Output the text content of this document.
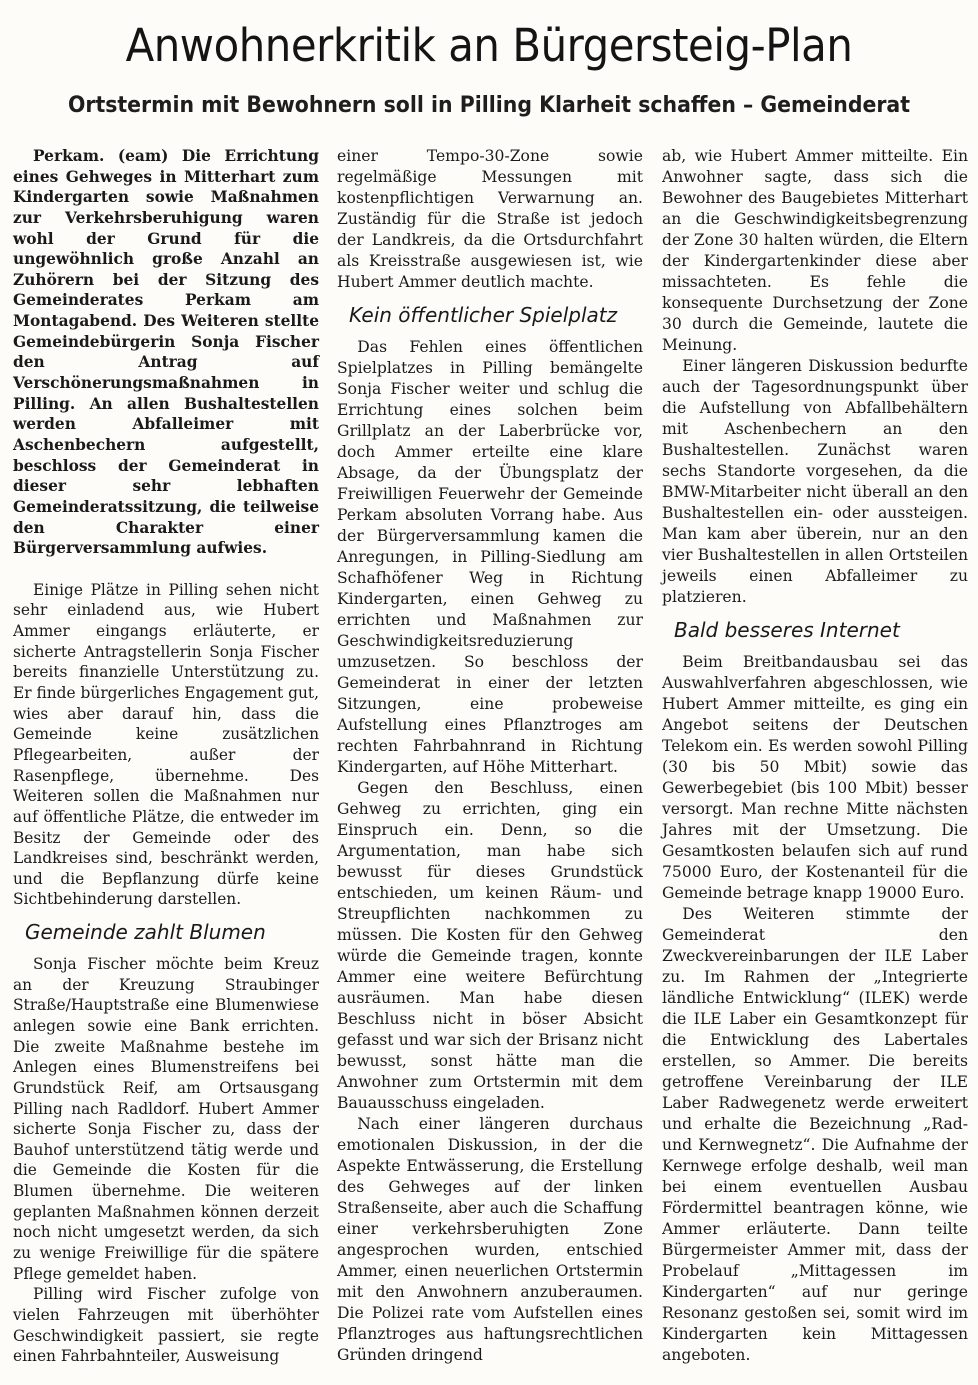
Anwohnerkritik an Bürgersteig-Plan
Ortstermin mit Bewohnern soll in Pilling Klarheit schaffen – Gemeinderat

Perkam. (eam) Die Errichtung eines Gehweges in Mitterhart zum Kindergarten sowie Maßnahmen zur Verkehrsberuhigung waren wohl der Grund für die ungewöhnlich große Anzahl an Zuhörern bei der Sitzung des Gemeinderates Perkam am Montagabend. Des Weiteren stellte Gemeindebürgerin Sonja Fischer den Antrag auf Verschönerungsmaßnahmen in Pilling. An allen Bushaltestellen werden Abfalleimer mit Aschenbechern aufgestellt, beschloss der Gemeinderat in dieser sehr lebhaften Gemeinderatssitzung, die teilweise den Charakter einer Bürgerversammlung aufwies.

Einige Plätze in Pilling sehen nicht sehr einladend aus, wie Hubert Ammer eingangs erläuterte, er sicherte Antragstellerin Sonja Fischer bereits finanzielle Unterstützung zu. Er finde bürgerliches Engagement gut, wies aber darauf hin, dass die Gemeinde keine zusätzlichen Pflegearbeiten, außer der Rasenpflege, übernehme. Des Weiteren sollen die Maßnahmen nur auf öffentliche Plätze, die entweder im Besitz der Gemeinde oder des Landkreises sind, beschränkt werden, und die Bepflanzung dürfe keine Sichtbehinderung darstellen.

Gemeinde zahlt Blumen

Sonja Fischer möchte beim Kreuz an der Kreuzung Straubinger Straße/Hauptstraße eine Blumenwiese anlegen sowie eine Bank errichten. Die zweite Maßnahme bestehe im Anlegen eines Blumenstreifens bei Grundstück Reif, am Ortsausgang Pilling nach Radldorf. Hubert Ammer sicherte Sonja Fischer zu, dass der Bauhof unterstützend tätig werde und die Gemeinde die Kosten für die Blumen übernehme. Die weiteren geplanten Maßnahmen können derzeit noch nicht umgesetzt werden, da sich zu wenige Freiwillige für die spätere Pflege gemeldet haben.

Pilling wird Fischer zufolge von vielen Fahrzeugen mit überhöhter Geschwindigkeit passiert, sie regte einen Fahrbahnteiler, Ausweisung

einer Tempo-30-Zone sowie regelmäßige Messungen mit kostenpflichtigen Verwarnung an. Zuständig für die Straße ist jedoch der Landkreis, da die Ortsdurchfahrt als Kreisstraße ausgewiesen ist, wie Hubert Ammer deutlich machte.

Kein öffentlicher Spielplatz

Das Fehlen eines öffentlichen Spielplatzes in Pilling bemängelte Sonja Fischer weiter und schlug die Errichtung eines solchen beim Grillplatz an der Laberbrücke vor, doch Ammer erteilte eine klare Absage, da der Übungsplatz der Freiwilligen Feuerwehr der Gemeinde Perkam absoluten Vorrang habe. Aus der Bürgerversammlung kamen die Anregungen, in Pilling-Siedlung am Schafhöfener Weg in Richtung Kindergarten, einen Gehweg zu errichten und Maßnahmen zur Geschwindigkeitsreduzierung umzusetzen. So beschloss der Gemeinderat in einer der letzten Sitzungen, eine probeweise Aufstellung eines Pflanztroges am rechten Fahrbahnrand in Richtung Kindergarten, auf Höhe Mitterhart.

Gegen den Beschluss, einen Gehweg zu errichten, ging ein Einspruch ein. Denn, so die Argumentation, man habe sich bewusst für dieses Grundstück entschieden, um keinen Räum- und Streupflichten nachkommen zu müssen. Die Kosten für den Gehweg würde die Gemeinde tragen, konnte Ammer eine weitere Befürchtung ausräumen. Man habe diesen Beschluss nicht in böser Absicht gefasst und war sich der Brisanz nicht bewusst, sonst hätte man die Anwohner zum Ortstermin mit dem Bauausschuss eingeladen.

Nach einer längeren durchaus emotionalen Diskussion, in der die Aspekte Entwässerung, die Erstellung des Gehweges auf der linken Straßenseite, aber auch die Schaffung einer verkehrsberuhigten Zone angesprochen wurden, entschied Ammer, einen neuerlichen Ortstermin mit den Anwohnern anzuberaumen. Die Polizei rate vom Aufstellen eines Pflanztroges aus haftungsrechtlichen Gründen dringend

ab, wie Hubert Ammer mitteilte. Ein Anwohner sagte, dass sich die Bewohner des Baugebietes Mitterhart an die Geschwindigkeitsbegrenzung der Zone 30 halten würden, die Eltern der Kindergartenkinder diese aber missachteten. Es fehle die konsequente Durchsetzung der Zone 30 durch die Gemeinde, lautete die Meinung.

Einer längeren Diskussion bedurfte auch der Tagesordnungspunkt über die Aufstellung von Abfallbehältern mit Aschenbechern an den Bushaltestellen. Zunächst waren sechs Standorte vorgesehen, da die BMW-Mitarbeiter nicht überall an den Bushaltestellen ein- oder aussteigen. Man kam aber überein, nur an den vier Bushaltestellen in allen Ortsteilen jeweils einen Abfalleimer zu platzieren.

Bald besseres Internet

Beim Breitbandausbau sei das Auswahlverfahren abgeschlossen, wie Hubert Ammer mitteilte, es ging ein Angebot seitens der Deutschen Telekom ein. Es werden sowohl Pilling (30 bis 50 Mbit) sowie das Gewerbegebiet (bis 100 Mbit) besser versorgt. Man rechne Mitte nächsten Jahres mit der Umsetzung. Die Gesamtkosten belaufen sich auf rund 75000 Euro, der Kostenanteil für die Gemeinde betrage knapp 19000 Euro.

Des Weiteren stimmte der Gemeinderat den Zweckvereinbarungen der ILE Laber zu. Im Rahmen der „Integrierte ländliche Entwicklung“ (ILEK) werde die ILE Laber ein Gesamtkonzept für die Entwicklung des Labertales erstellen, so Ammer. Die bereits getroffene Vereinbarung der ILE Laber Radwegenetz werde erweitert und erhalte die Bezeichnung „Rad- und Kernwegnetz“. Die Aufnahme der Kernwege erfolge deshalb, weil man bei einem eventuellen Ausbau Fördermittel beantragen könne, wie Ammer erläuterte. Dann teilte Bürgermeister Ammer mit, dass der Probelauf „Mittagessen im Kindergarten“ auf nur geringe Resonanz gestoßen sei, somit wird im Kindergarten kein Mittagessen angeboten.
